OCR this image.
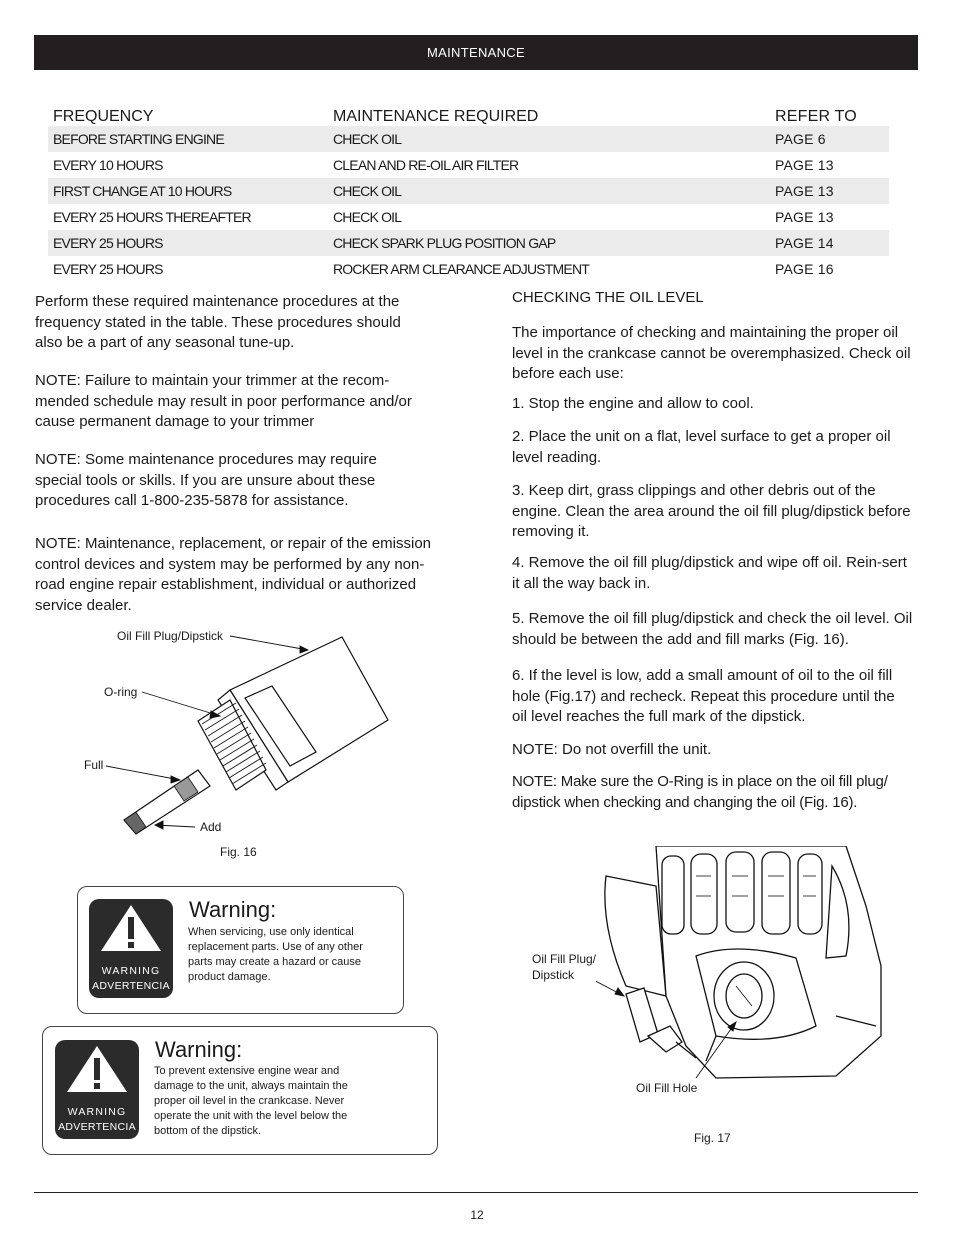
MAINTENANCE
FREQUENCY	MAINTENANCE REQUIRED	REFER TO
BEFORE STARTING ENGINE	CHECK OIL	PAGE 6
EVERY 10 HOURS	CLEAN AND RE-OIL AIR FILTER	PAGE 13
FIRST CHANGE AT 10 HOURS	CHECK OIL	PAGE 13
EVERY 25 HOURS THEREAFTER	CHECK OIL	PAGE 13
EVERY 25 HOURS	CHECK SPARK PLUG POSITION GAP	PAGE 14
EVERY 25 HOURS	ROCKER ARM CLEARANCE ADJUSTMENT	PAGE 16
Perform these required maintenance procedures at the frequency stated in the table. These procedures should also be a part of any seasonal tune-up.
NOTE: Failure to maintain your trimmer at the recom-mended schedule may result in poor performance and/or cause permanent damage to your trimmer
NOTE: Some maintenance procedures may require special tools or skills. If you are unsure about these procedures call 1-800-235-5878 for assistance.
NOTE: Maintenance, replacement, or repair of the emission control devices and system may be performed by any non-road engine repair establishment, individual or authorized service dealer.
Oil Fill Plug/Dipstick
O-ring
Full
Add
Fig. 16
WARNING
ADVERTENCIA
Warning:
When servicing, use only identical replacement parts. Use of any other parts may create a hazard or cause product damage.
WARNING
ADVERTENCIA
Warning:
To prevent extensive engine wear and damage to the unit, always maintain the proper oil level in the crankcase. Never operate the unit with the level below the bottom of the dipstick.
CHECKING THE OIL LEVEL
The importance of checking and maintaining the proper oil level in the crankcase cannot be overemphasized. Check oil before each use:
1. Stop the engine and allow to cool.
2. Place the unit on a flat, level surface to get a proper oil level reading.
3. Keep dirt, grass clippings and other debris out of the engine. Clean the area around the oil fill plug/dipstick before removing it.
4. Remove the oil fill plug/dipstick and wipe off oil. Rein-sert it all the way back in.
5. Remove the oil fill plug/dipstick and check the oil level. Oil should be between the add and fill marks (Fig. 16).
6. If the level is low, add a small amount of oil to the oil fill hole (Fig.17) and recheck. Repeat this procedure until the oil level reaches the full mark of the dipstick.
NOTE: Do not overfill the unit.
NOTE: Make sure the O-Ring is in place on the oil fill plug/ dipstick when checking and changing the oil (Fig. 16).
Oil Fill Plug/ Dipstick
Oil Fill Hole
Fig. 17
12
